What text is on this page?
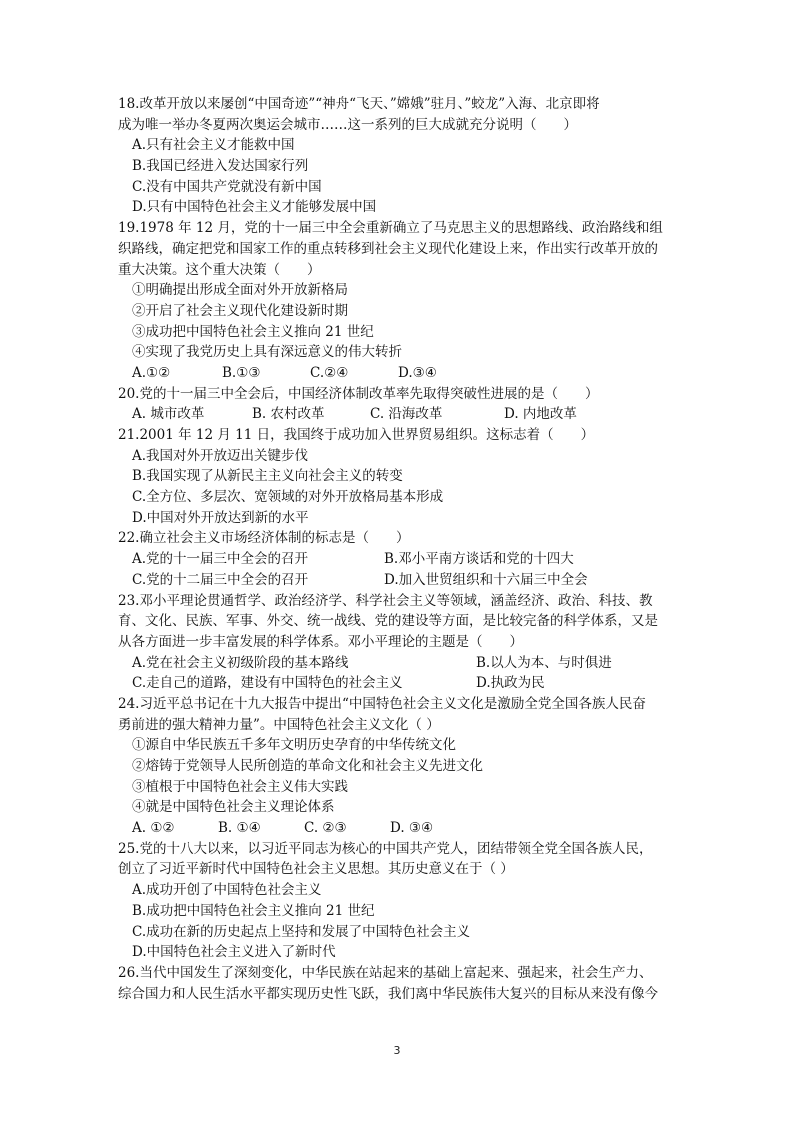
18.改革开放以来屡创“中国奇迹”“神舟“飞天、”嫦娥”驻月、”蛟龙”入海、北京即将
成为唯一举办冬夏两次奥运会城市……这一系列的巨大成就充分说明（　　）
A.只有社会主义才能救中国
B.我国已经进入发达国家行列
C.没有中国共产党就没有新中国
D.只有中国特色社会主义才能够发展中国
19.1978 年 12 月，党的十一届三中全会重新确立了马克思主义的思想路线、政治路线和组
织路线，确定把党和国家工作的重点转移到社会主义现代化建设上来，作出实行改革开放的
重大决策。这个重大决策（　　）
①明确提出形成全面对外开放新格局
②开启了社会主义现代化建设新时期
③成功把中国特色社会主义推向 21 世纪
④实现了我党历史上具有深远意义的伟大转折
A.①②	B.①③	C.②④	D.③④
20.党的十一届三中全会后，中国经济体制改革率先取得突破性进展的是（　　）
A. 城市改革	B. 农村改革	C. 沿海改革	D. 内地改革
21.2001 年 12 月 11 日，我国终于成功加入世界贸易组织。这标志着（　　）
A.我国对外开放迈出关键步伐
B.我国实现了从新民主主义向社会主义的转变
C.全方位、多层次、宽领域的对外开放格局基本形成
D.中国对外开放达到新的水平
22.确立社会主义市场经济体制的标志是（　　）
A.党的十一届三中全会的召开	B.邓小平南方谈话和党的十四大
C.党的十二届三中全会的召开	D.加入世贸组织和十六届三中全会
23.邓小平理论贯通哲学、政治经济学、科学社会主义等领域，涵盖经济、政治、科技、教
育、文化、民族、军事、外交、统一战线、党的建设等方面，是比较完备的科学体系，又是
从各方面进一步丰富发展的科学体系。邓小平理论的主题是（　　）
A.党在社会主义初级阶段的基本路线	B.以人为本、与时俱进
C.走自己的道路，建设有中国特色的社会主义	D.执政为民
24.习近平总书记在十九大报告中提出“中国特色社会主义文化是激励全党全国各族人民奋
勇前进的强大精神力量”。中国特色社会主义文化（ ）
①源自中华民族五千多年文明历史孕育的中华传统文化
②熔铸于党领导人民所创造的革命文化和社会主义先进文化
③植根于中国特色社会主义伟大实践
④就是中国特色社会主义理论体系
A. ①②	B. ①④	C. ②③	D. ③④
25.党的十八大以来，以习近平同志为核心的中国共产党人，团结带领全党全国各族人民，
创立了习近平新时代中国特色社会主义思想。其历史意义在于（ ）
A.成功开创了中国特色社会主义
B.成功把中国特色社会主义推向 21 世纪
C.成功在新的历史起点上坚持和发展了中国特色社会主义
D.中国特色社会主义进入了新时代
26.当代中国发生了深刻变化，中华民族在站起来的基础上富起来、强起来，社会生产力、
综合国力和人民生活水平都实现历史性飞跃，我们离中华民族伟大复兴的目标从来没有像今
3
